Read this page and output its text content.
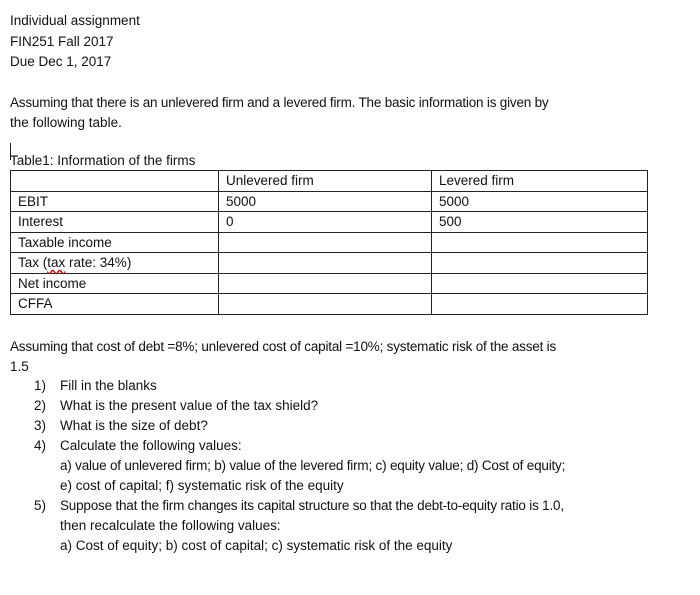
Individual assignment
FIN251 Fall 2017
Due Dec 1, 2017
Assuming that there is an unlevered firm and a levered firm. The basic information is given by
the following table.
Table1: Information of the firms
	Unlevered firm	Levered firm
EBIT	5000	5000
Interest	0	500
Taxable income		
Tax (tax rate: 34%)		
Net income		
CFFA		
Assuming that cost of debt =8%; unlevered cost of capital =10%; systematic risk of the asset is
1.5
1) Fill in the blanks
2) What is the present value of the tax shield?
3) What is the size of debt?
4) Calculate the following values:
a) value of unlevered firm; b) value of the levered firm; c) equity value; d) Cost of equity;
e) cost of capital; f) systematic risk of the equity
5) Suppose that the firm changes its capital structure so that the debt-to-equity ratio is 1.0,
then recalculate the following values:
a) Cost of equity; b) cost of capital; c) systematic risk of the equity
